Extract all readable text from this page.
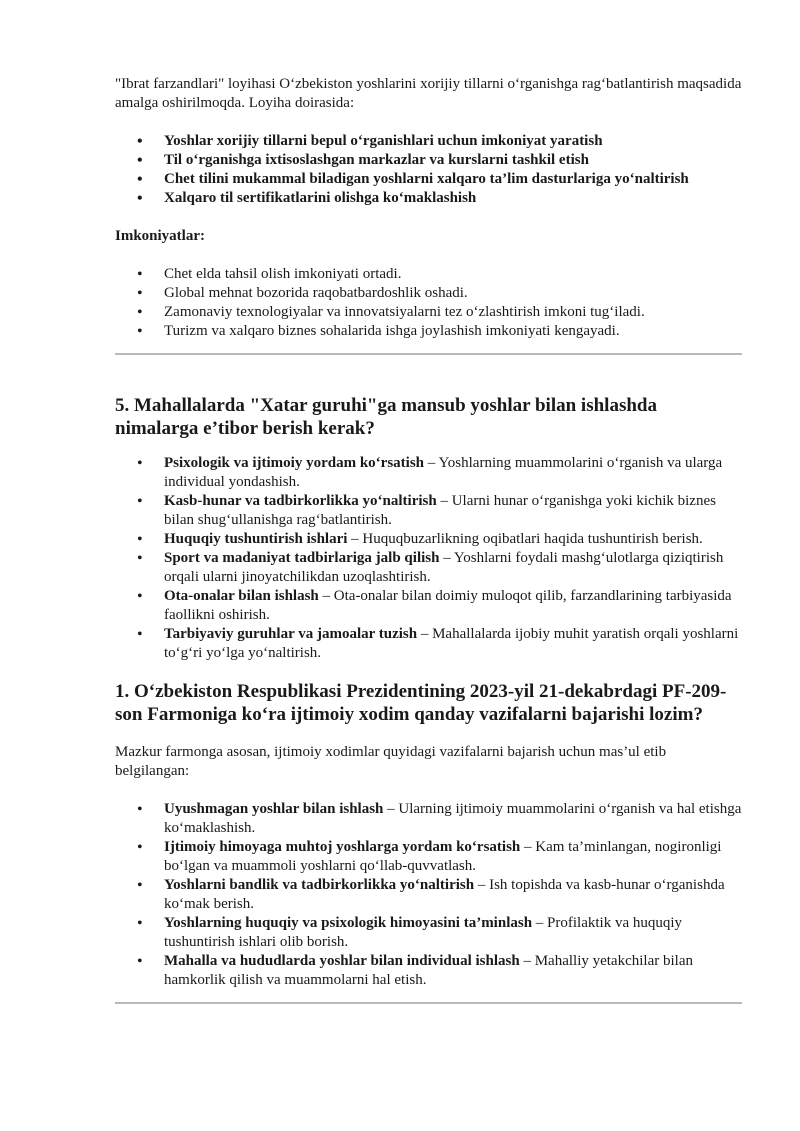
"Ibrat farzandlari" loyihasi O‘zbekiston yoshlarini xorijiy tillarni o‘rganishga rag‘batlantirish maqsadida amalga oshirilmoqda. Loyiha doirasida:

• Yoshlar xorijiy tillarni bepul o‘rganishlari uchun imkoniyat yaratish
• Til o‘rganishga ixtisoslashgan markazlar va kurslarni tashkil etish
• Chet tilini mukammal biladigan yoshlarni xalqaro ta’lim dasturlariga yo‘naltirish
• Xalqaro til sertifikatlarini olishga ko‘maklashish

Imkoniyatlar:

• Chet elda tahsil olish imkoniyati ortadi.
• Global mehnat bozorida raqobatbardoshlik oshadi.
• Zamonaviy texnologiyalar va innovatsiyalarni tez o‘zlashtirish imkoni tug‘iladi.
• Turizm va xalqaro biznes sohalarida ishga joylashish imkoniyati kengayadi.
5. Mahallalarda "Xatar guruhi"ga mansub yoshlar bilan ishlashda nimalarga e’tibor berish kerak?
• Psixologik va ijtimoiy yordam ko‘rsatish – Yoshlarning muammolarini o‘rganish va ularga individual yondashish.
• Kasb-hunar va tadbirkorlikka yo‘naltirish – Ularni hunar o‘rganishga yoki kichik biznes bilan shug‘ullanishga rag‘batlantirish.
• Huquqiy tushuntirish ishlari – Huquqbuzarlikning oqibatlari haqida tushuntirish berish.
• Sport va madaniyat tadbirlariga jalb qilish – Yoshlarni foydali mashg‘ulotlarga qiziqtirish orqali ularni jinoyatchilikdan uzoqlashtirish.
• Ota-onalar bilan ishlash – Ota-onalar bilan doimiy muloqot qilib, farzandlarining tarbiyasida faollikni oshirish.
• Tarbiyaviy guruhlar va jamoalar tuzish – Mahallalarda ijobiy muhit yaratish orqali yoshlarni to‘g‘ri yo‘lga yo‘naltirish.
1. O‘zbekiston Respublikasi Prezidentining 2023-yil 21-dekabrdagi PF-209-son Farmoniga ko‘ra ijtimoiy xodim qanday vazifalarni bajarishi lozim?

Mazkur farmonga asosan, ijtimoiy xodimlar quyidagi vazifalarni bajarish uchun mas’ul etib belgilangan:

• Uyushmagan yoshlar bilan ishlash – Ularning ijtimoiy muammolarini o‘rganish va hal etishga ko‘maklashish.
• Ijtimoiy himoyaga muhtoj yoshlarga yordam ko‘rsatish – Kam ta’minlangan, nogironligi bo‘lgan va muammoli yoshlarni qo‘llab-quvvatlash.
• Yoshlarni bandlik va tadbirkorlikka yo‘naltirish – Ish topishda va kasb-hunar o‘rganishda ko‘mak berish.
• Yoshlarning huquqiy va psixologik himoyasini ta’minlash – Profilaktik va huquqiy tushuntirish ishlari olib borish.
• Mahalla va hududlarda yoshlar bilan individual ishlash – Mahalliy yetakchilar bilan hamkorlik qilish va muammolarni hal etish.
